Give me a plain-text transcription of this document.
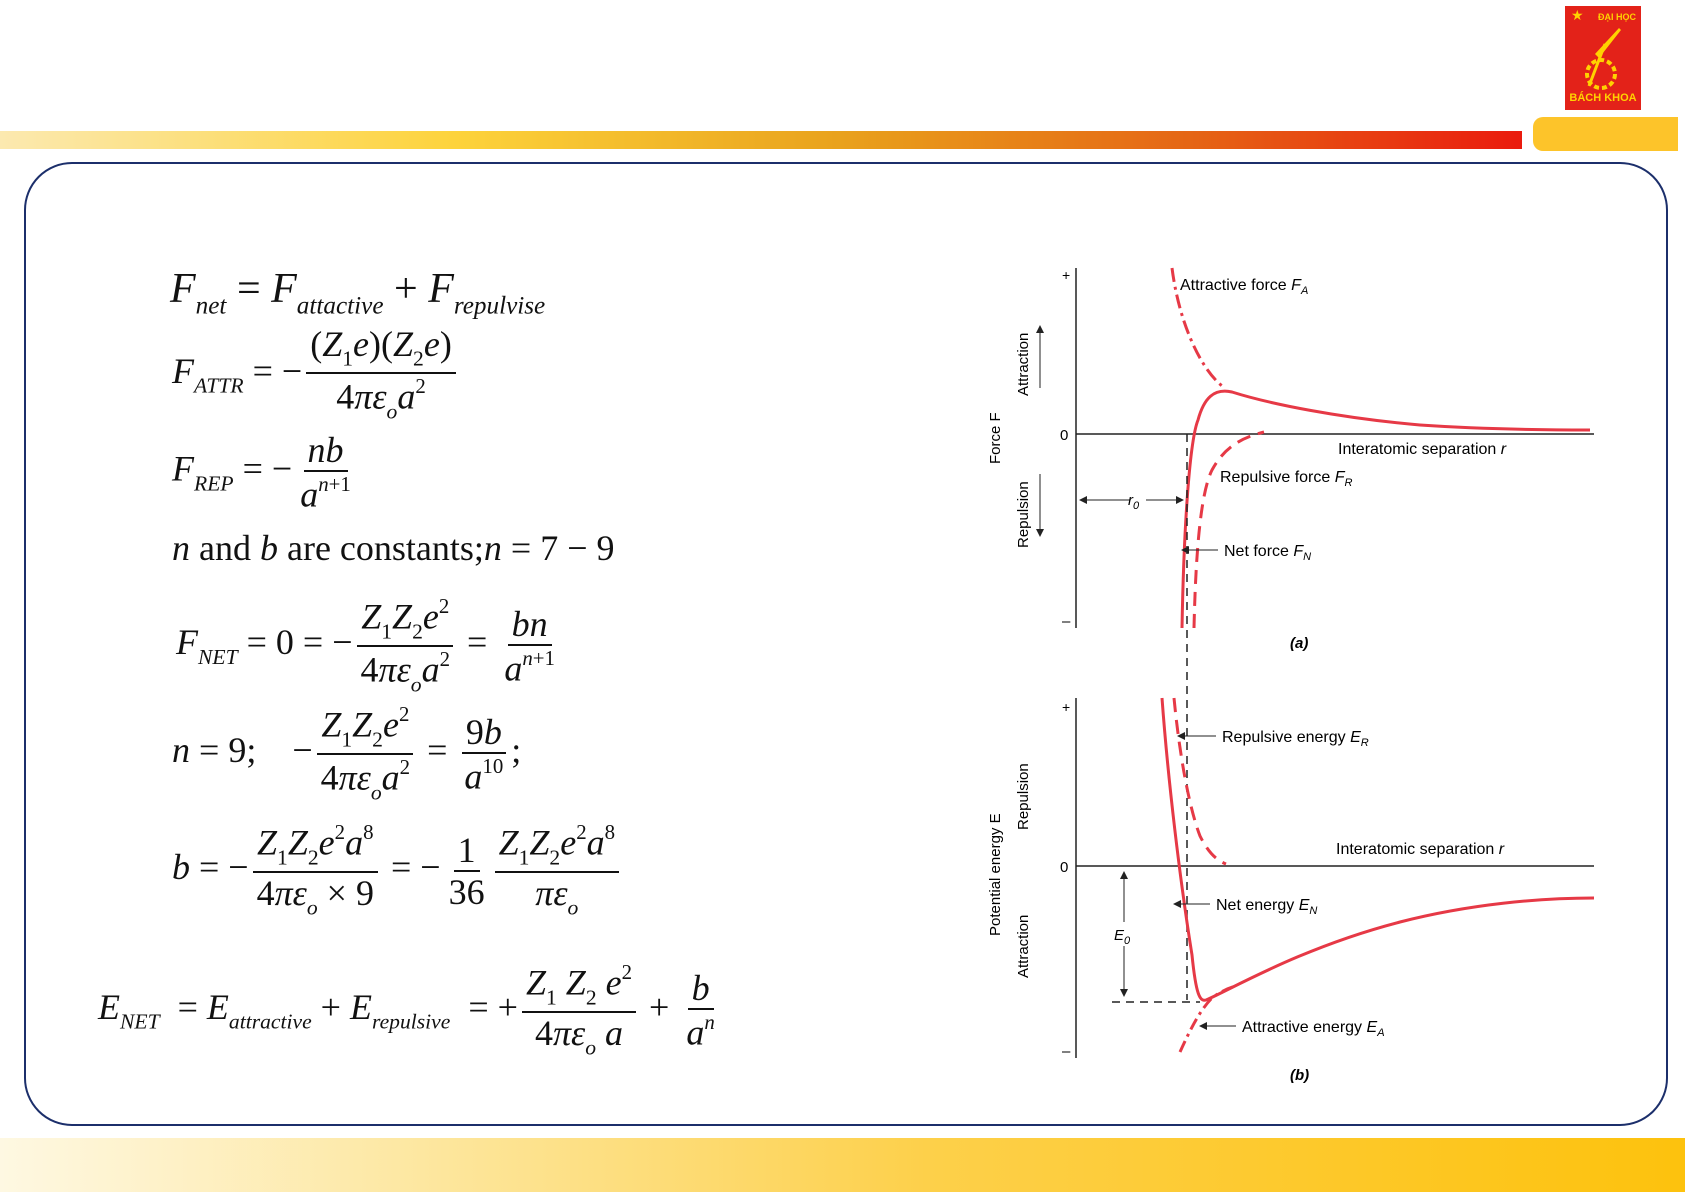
★ ĐẠI HỌC
BÁCH KHOA
$F_{net} = F_{attactive} + F_{repulvise}$
$F_{ATTR}$ = − $\frac{(Z_1e)(Z_2e)}{4\pi\varepsilon_oa^2}$
$F_{REP}$ = − $\frac{nb}{a^{n+1}}$
n and b are constants;n = 7 − 9
$F_{NET} = 0$ = − $\frac{Z_1Z_2e^2}{4\pi\varepsilon_oa^2} = \frac{bn}{a^{n+1}}$
n = 9;    − $\frac{Z_1Z_2e^2}{4\pi\varepsilon_oa^2} = \frac{9b}{a^{10}}$ ;
b = − $\frac{Z_1Z_2e^2a^8}{4\pi\varepsilon_o \times 9}$ = − $\frac{1}{36} \frac{Z_1Z_2e^2a^8}{\pi\varepsilon_o}$
$E_{NET} = E_{attractive} + E_{repulsive}$  = + $\frac{Z_1 Z_2 e^2}{4\pi\varepsilon_o a} + \frac{b}{a^n}$
+
0
–
Force F
Attraction
Repulsion	$r_0$
Attractive force $F_A$
Interatomic separation r
Repulsive force $F_R$
Net force $F_N$
(a)
+
0
–
Potential energy E
Repulsion
Attraction	$E_0$
Repulsive energy $E_R$
Interatomic separation r
Net energy $E_N$
Attractive energy $E_A$
(b)
